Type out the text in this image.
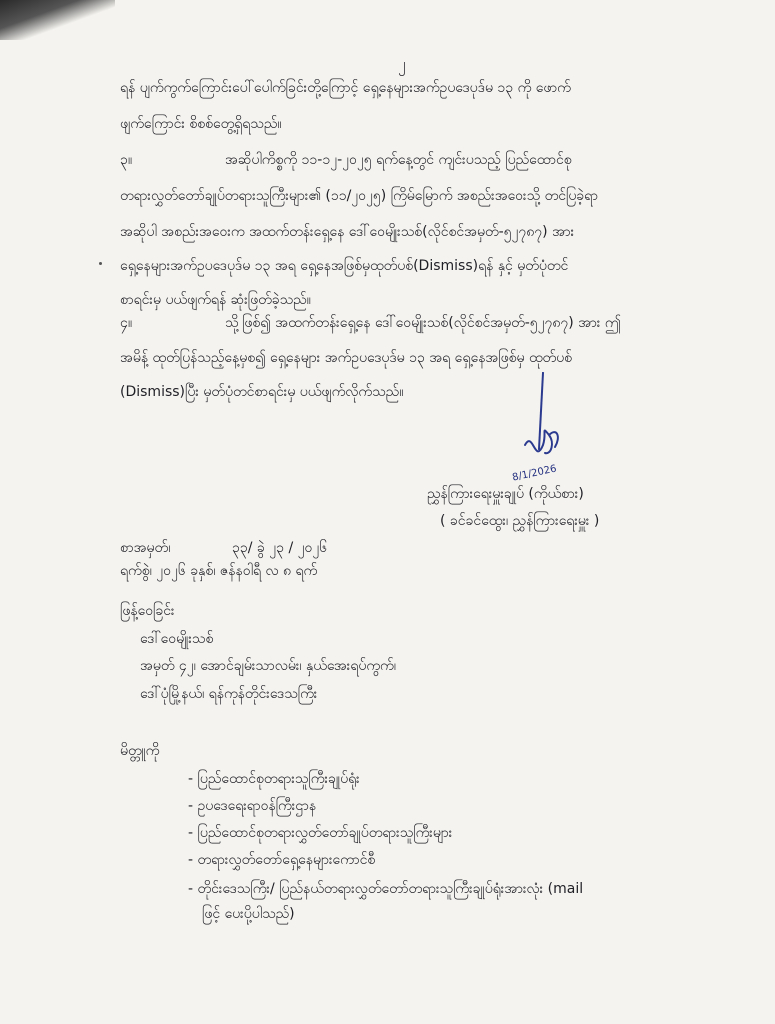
၂
ရန် ပျက်ကွက်ကြောင်းပေါ်ပေါက်ခြင်းတို့ကြောင့် ရှေ့နေများအက်ဥပဒေပုဒ်မ ၁၃ ကို ဖောက်
ဖျက်ကြောင်း စိစစ်တွေ့ရှိရသည်။
၃။	အဆိုပါကိစ္စကို ၁၁-၁၂-၂၀၂၅ ရက်နေ့တွင် ကျင်းပသည့် ပြည်ထောင်စု
တရားလွှတ်တော်ချုပ်တရားသူကြီးများ၏ (၁၁/၂၀၂၅) ကြိမ်မြောက် အစည်းအဝေးသို့ တင်ပြခဲ့ရာ
အဆိုပါ အစည်းအဝေးက အထက်တန်းရှေ့နေ ဒေါ်ဝေမျိုးသစ်(လိုင်စင်အမှတ်-၅၂၇၈၇) အား
ရှေ့နေများအက်ဥပဒေပုဒ်မ ၁၃ အရ ရှေ့နေအဖြစ်မှထုတ်ပစ်(Dismiss)ရန် နှင့် မှတ်ပုံတင်
စာရင်းမှ ပယ်ဖျက်ရန် ဆုံးဖြတ်ခဲ့သည်။
၄။	သို့ဖြစ်၍ အထက်တန်းရှေ့နေ ဒေါ်ဝေမျိုးသစ်(လိုင်စင်အမှတ်-၅၂၇၈၇) အား ဤ
အမိန့် ထုတ်ပြန်သည့်နေ့မှစ၍ ရှေ့နေများ အက်ဥပဒေပုဒ်မ ၁၃ အရ ရှေ့နေအဖြစ်မှ ထုတ်ပစ်
(Dismiss)ပြီး မှတ်ပုံတင်စာရင်းမှ ပယ်ဖျက်လိုက်သည်။
8/1/2026
ညွှန်ကြားရေးမှူးချုပ် (ကိုယ်စား)
( ခင်ခင်ထွေး၊ ညွှန်ကြားရေးမှူး )
စာအမှတ်၊	၃၃/ ခွဲ ၂၃ / ၂၀၂၆
ရက်စွဲ၊ ၂၀၂၆ ခုနှစ်၊ ဇန်နဝါရီ လ ၈ ရက်
ဖြန့်ဝေခြင်း
ဒေါ်ဝေမျိုးသစ်
အမှတ် ၄၂၊ အောင်ချမ်းသာလမ်း၊ နှယ်အေးရပ်ကွက်၊
ဒေါ်ပုံမြို့နယ်၊ ရန်ကုန်တိုင်းဒေသကြီး
မိတ္တူကို
- ပြည်ထောင်စုတရားသူကြီးချုပ်ရုံး
- ဥပဒေရေးရာဝန်ကြီးဌာန
- ပြည်ထောင်စုတရားလွှတ်တော်ချုပ်တရားသူကြီးများ
- တရားလွှတ်တော်ရှေ့နေများကောင်စီ
- တိုင်းဒေသကြီး/ ပြည်နယ်တရားလွှတ်တော်တရားသူကြီးချုပ်ရုံးအားလုံး (mail
ဖြင့် ပေးပို့ပါသည်)
